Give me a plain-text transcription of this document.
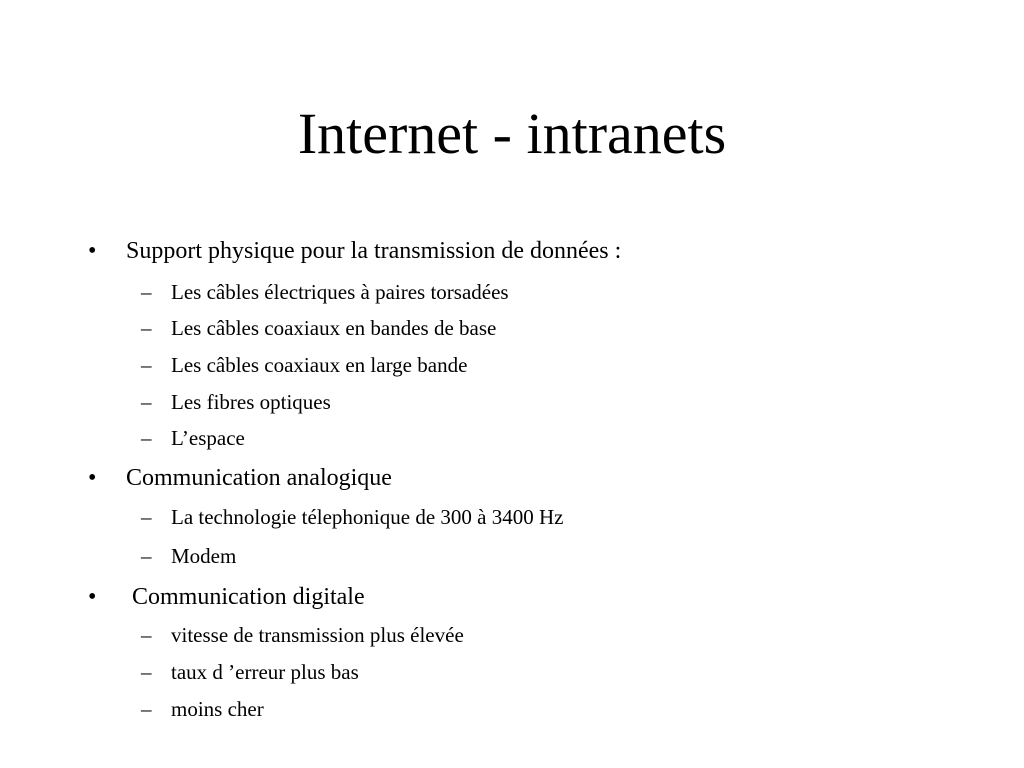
Internet - intranets
• Support physique pour la transmission de données :
– Les câbles électriques à paires torsadées
– Les câbles coaxiaux en bandes de base
– Les câbles coaxiaux en large bande
– Les fibres optiques
– L’espace
• Communication analogique
– La technologie télephonique de 300 à 3400 Hz
– Modem
• Communication digitale
– vitesse de transmission plus élevée
– taux d ’erreur plus bas
– moins cher
